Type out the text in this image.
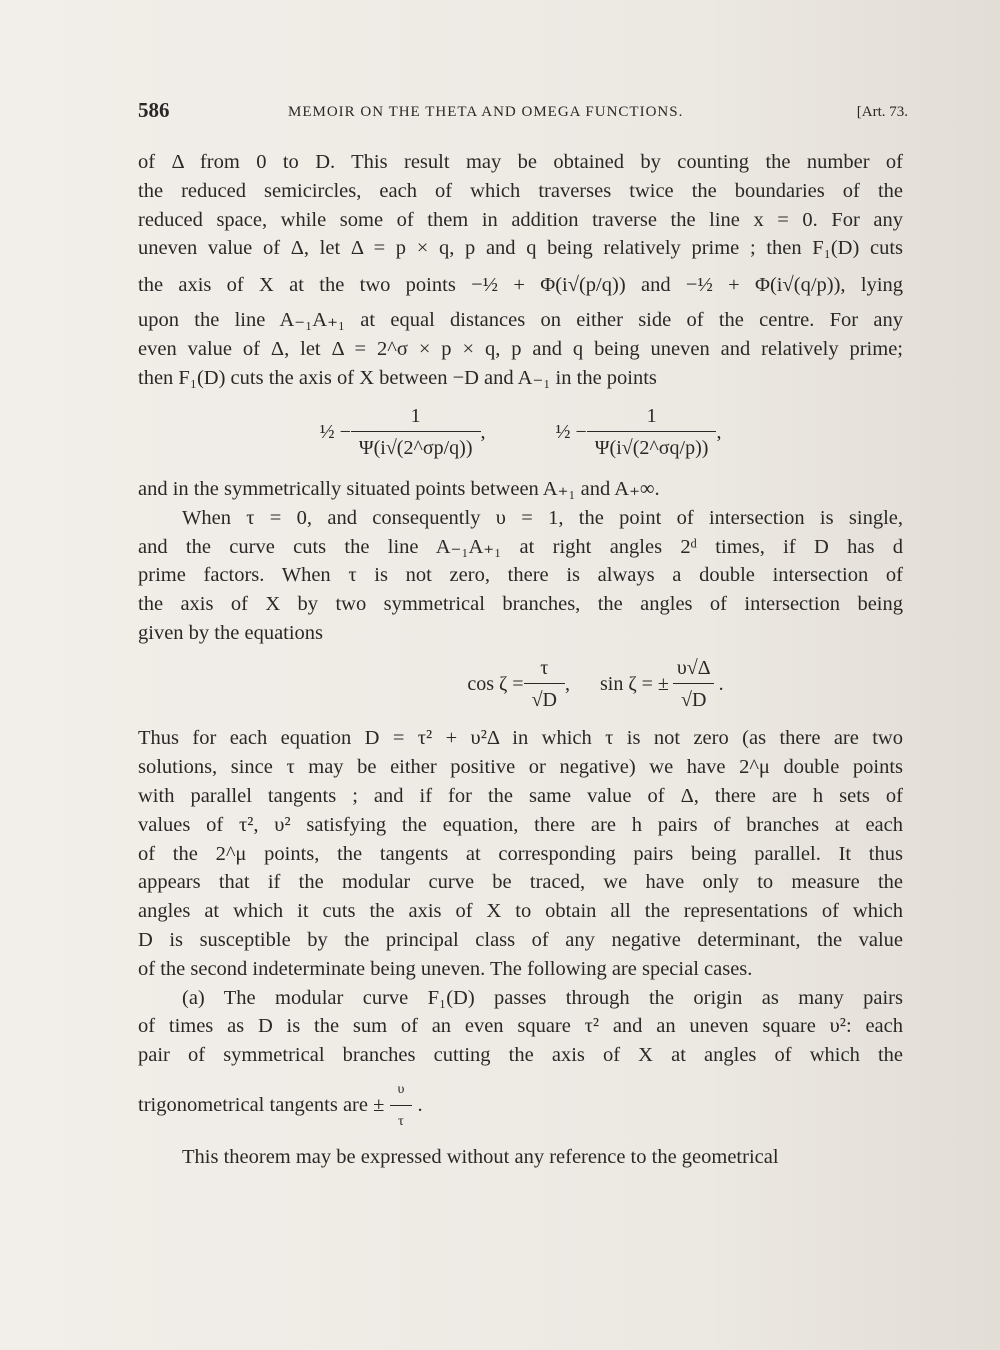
586	MEMOIR ON THE THETA AND OMEGA FUNCTIONS.	[Art. 73.

of Δ from 0 to D. This result may be obtained by counting the number of

the reduced semicircles, each of which traverses twice the boundaries of the

reduced space, while some of them in addition traverse the line x = 0. For any

uneven value of Δ, let Δ = p × q, p and q being relatively prime ; then F₁(D) cuts

the axis of X at the two points −½ + Φ(i√(p/q)) and −½ + Φ(i√(q/p)), lying

upon the line A₋₁A₊₁ at equal distances on either side of the centre. For any

even value of Δ, let Δ = 2^σ × p × q, p and q being uneven and relatively prime;

then F₁(D) cuts the axis of X between −D and A₋₁ in the points

½ − $\frac{1}{\Psi(i√(2\^{}\sigma p/q))}$ ,	½ − $\frac{1}{\Psi(i√(2\^{}\sigma q/p))}$ ,

and in the symmetrically situated points between A₊₁ and A₊∞.

When τ = 0, and consequently υ = 1, the point of intersection is single,

and the curve cuts the line A₋₁A₊₁ at right angles 2ᵈ times, if D has d

prime factors. When τ is not zero, there is always a double intersection of

the axis of X by two symmetrical branches, the angles of intersection being

given by the equations

$\cos \zeta = \frac{\tau}{√D}$ , sin ζ = ± $\frac{\upsilon√\Delta}{√D}$ .

Thus for each equation D = τ² + υ²Δ in which τ is not zero (as there are two

solutions, since τ may be either positive or negative) we have 2^μ double points

with parallel tangents ; and if for the same value of Δ, there are h sets of

values of τ², υ² satisfying the equation, there are h pairs of branches at each

of the 2^μ points, the tangents at corresponding pairs being parallel. It thus

appears that if the modular curve be traced, we have only to measure the

angles at which it cuts the axis of X to obtain all the representations of which

D is susceptible by the principal class of any negative determinant, the value

of the second indeterminate being uneven. The following are special cases.

(a) The modular curve F₁(D) passes through the origin as many pairs

of times as D is the sum of an even square τ² and an uneven square υ²: each

pair of symmetrical branches cutting the axis of X at angles of which the

trigonometrical tangents are ± $\frac{\upsilon}{\tau}$ .

This theorem may be expressed without any reference to the geometrical
